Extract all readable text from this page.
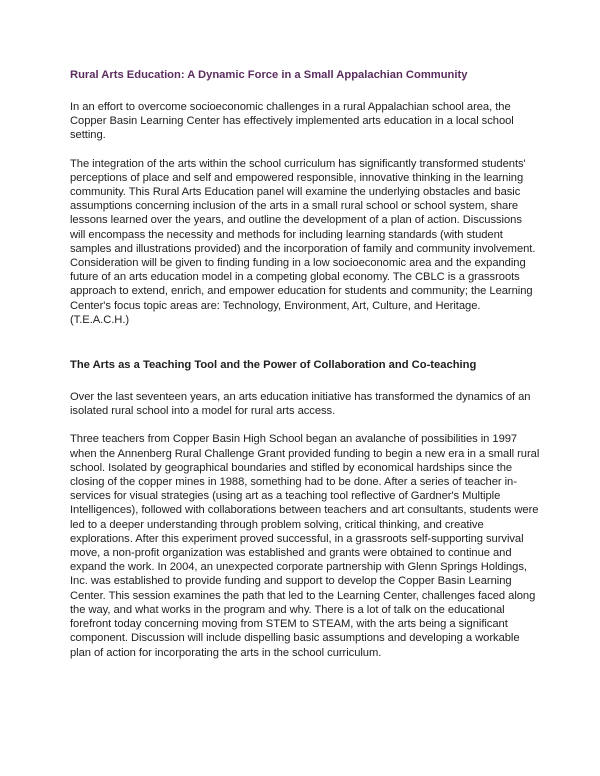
Rural Arts Education: A Dynamic Force in a Small Appalachian Community

In an effort to overcome socioeconomic challenges in a rural Appalachian school area, the Copper Basin Learning Center has effectively implemented arts education in a local school setting.

The integration of the arts within the school curriculum has significantly transformed students' perceptions of place and self and empowered responsible, innovative thinking in the learning community. This Rural Arts Education panel will examine the underlying obstacles and basic assumptions concerning inclusion of the arts in a small rural school or school system, share lessons learned over the years, and outline the development of a plan of action. Discussions will encompass the necessity and methods for including learning standards (with student samples and illustrations provided) and the incorporation of family and community involvement. Consideration will be given to finding funding in a low socioeconomic area and the expanding future of an arts education model in a competing global economy. The CBLC is a grassroots approach to extend, enrich, and empower education for students and community; the Learning Center's focus topic areas are: Technology, Environment, Art, Culture, and Heritage. (T.E.A.C.H.)

The Arts as a Teaching Tool and the Power of Collaboration and Co-teaching

Over the last seventeen years, an arts education initiative has transformed the dynamics of an isolated rural school into a model for rural arts access.

Three teachers from Copper Basin High School began an avalanche of possibilities in 1997 when the Annenberg Rural Challenge Grant provided funding to begin a new era in a small rural school. Isolated by geographical boundaries and stifled by economical hardships since the closing of the copper mines in 1988, something had to be done. After a series of teacher in-services for visual strategies (using art as a teaching tool reflective of Gardner's Multiple Intelligences), followed with collaborations between teachers and art consultants, students were led to a deeper understanding through problem solving, critical thinking, and creative explorations. After this experiment proved successful, in a grassroots self-supporting survival move, a non-profit organization was established and grants were obtained to continue and expand the work. In 2004, an unexpected corporate partnership with Glenn Springs Holdings, Inc. was established to provide funding and support to develop the Copper Basin Learning Center. This session examines the path that led to the Learning Center, challenges faced along the way, and what works in the program and why. There is a lot of talk on the educational forefront today concerning moving from STEM to STEAM, with the arts being a significant component. Discussion will include dispelling basic assumptions and developing a workable plan of action for incorporating the arts in the school curriculum.
